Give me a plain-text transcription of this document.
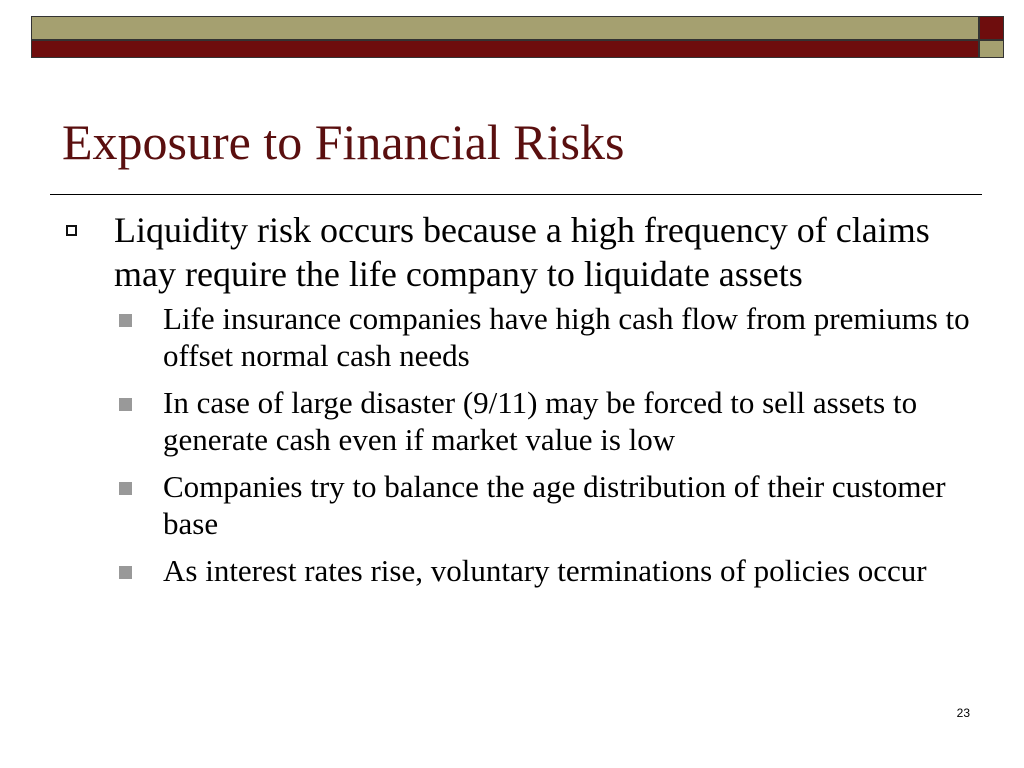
Exposure to Financial Risks
Liquidity risk occurs because a high frequency of claims may require the life company to liquidate assets
Life insurance companies have high cash flow from premiums to offset normal cash needs
In case of large disaster (9/11) may be forced to sell assets to generate cash even if market value is low
Companies try to balance the age distribution of their customer base
As interest rates rise, voluntary terminations of policies occur
23
